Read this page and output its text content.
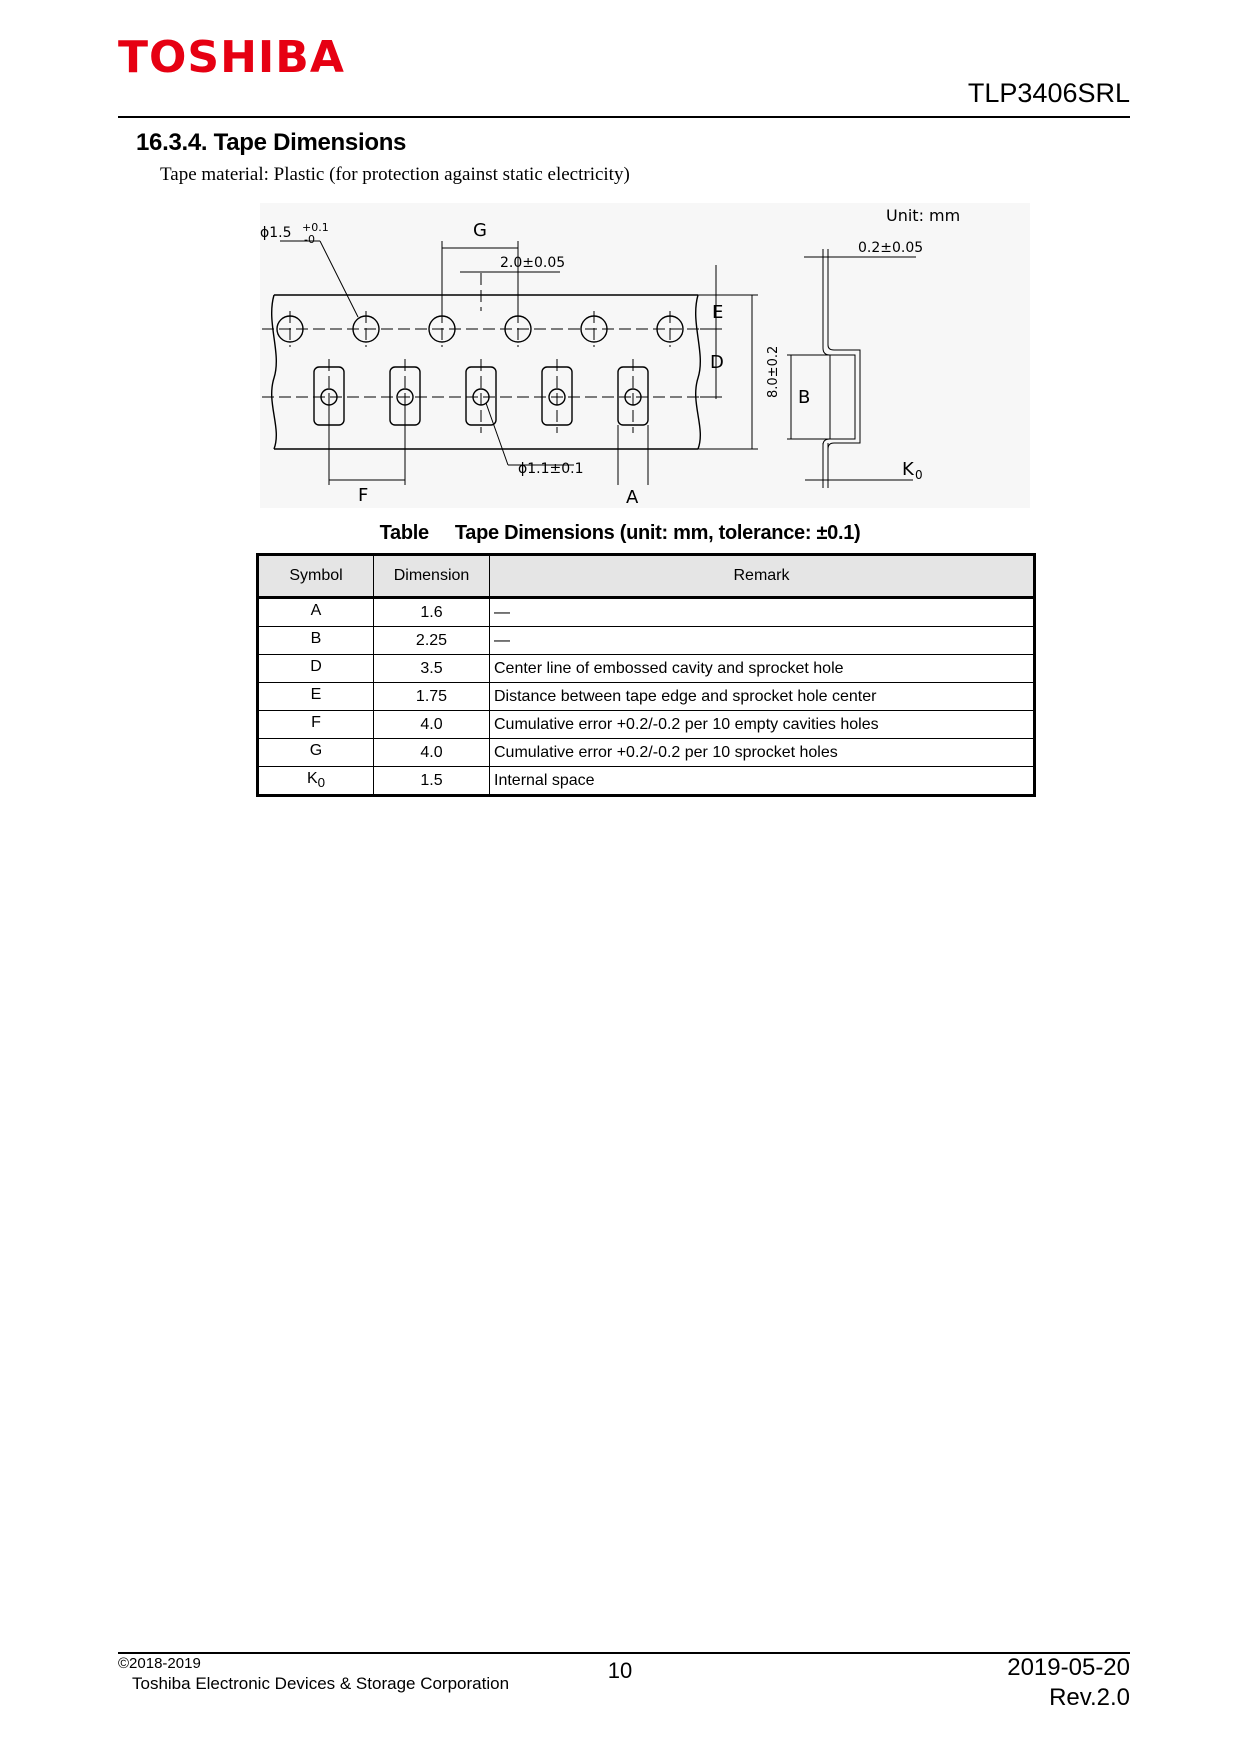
TOSHIBA
TLP3406SRL
16.3.4. Tape Dimensions
Tape material: Plastic (for protection against static electricity)
Unit: mm
G
ϕ1.5 +0.1
-0
2.0±0.05
E
D	8.0±0.2
ϕ1.1±0.1
F	A
0.2±0.05
B
K 0
Table Tape Dimensions (unit: mm, tolerance: ±0.1)
Symbol	Dimension	Remark
A	1.6	—
B	2.25	—
D	3.5	Center line of embossed cavity and sprocket hole
E	1.75	Distance between tape edge and sprocket hole center
F	4.0	Cumulative error +0.2/-0.2 per 10 empty cavities holes
G	4.0	Cumulative error +0.2/-0.2 per 10 sprocket holes
$K_0$	1.5	Internal space
©2018-2019
Toshiba Electronic Devices & Storage Corporation
10	2019-05-20
Rev.2.0
